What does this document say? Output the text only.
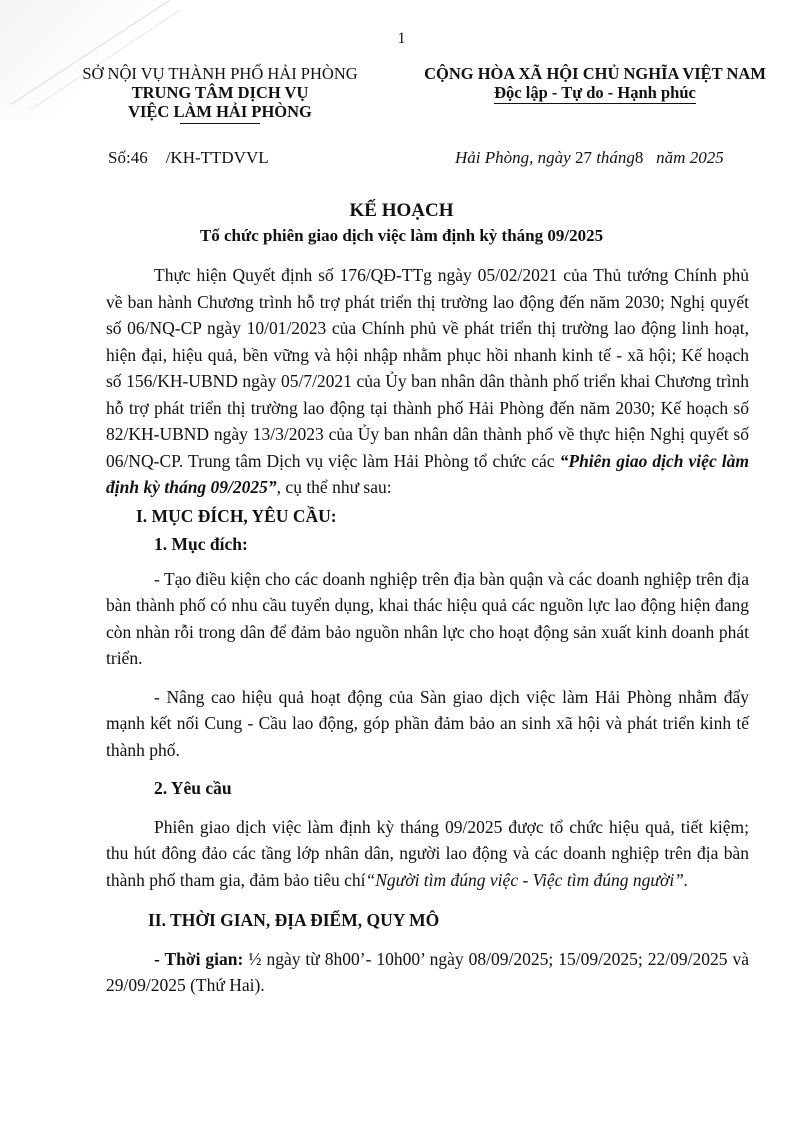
1
SỞ NỘI VỤ THÀNH PHỐ HẢI PHÒNG
TRUNG TÂM DỊCH VỤ
VIỆC LÀM HẢI PHÒNG
CỘNG HÒA XÃ HỘI CHỦ NGHĨA VIỆT NAM
Độc lập - Tự do - Hạnh phúc
Số:46 /KH-TTDVVL	Hải Phòng, ngày 27 tháng8 năm 2025
KẾ HOẠCH
Tổ chức phiên giao dịch việc làm định kỳ tháng 09/2025

Thực hiện Quyết định số 176/QĐ-TTg ngày 05/02/2021 của Thủ tướng Chính phủ về ban hành Chương trình hỗ trợ phát triển thị trường lao động đến năm 2030; Nghị quyết số 06/NQ-CP ngày 10/01/2023 của Chính phủ về phát triển thị trường lao động linh hoạt, hiện đại, hiệu quả, bền vững và hội nhập nhằm phục hồi nhanh kinh tế - xã hội; Kế hoạch số 156/KH-UBND ngày 05/7/2021 của Ủy ban nhân dân thành phố triển khai Chương trình hỗ trợ phát triển thị trường lao động tại thành phố Hải Phòng đến năm 2030; Kế hoạch số 82/KH-UBND ngày 13/3/2023 của Ủy ban nhân dân thành phố về thực hiện Nghị quyết số 06/NQ-CP. Trung tâm Dịch vụ việc làm Hải Phòng tổ chức các “Phiên giao dịch việc làm định kỳ tháng 09/2025”, cụ thể như sau:

I. MỤC ĐÍCH, YÊU CẦU:

1. Mục đích:

- Tạo điều kiện cho các doanh nghiệp trên địa bàn quận và các doanh nghiệp trên địa bàn thành phố có nhu cầu tuyển dụng, khai thác hiệu quả các nguồn lực lao động hiện đang còn nhàn rỗi trong dân để đảm bảo nguồn nhân lực cho hoạt động sản xuất kinh doanh phát triển.

- Nâng cao hiệu quả hoạt động của Sàn giao dịch việc làm Hải Phòng nhằm đẩy mạnh kết nối Cung - Cầu lao động, góp phần đảm bảo an sinh xã hội và phát triển kinh tế thành phố.

2. Yêu cầu

Phiên giao dịch việc làm định kỳ tháng 09/2025 được tổ chức hiệu quả, tiết kiệm; thu hút đông đảo các tầng lớp nhân dân, người lao động và các doanh nghiệp trên địa bàn thành phố tham gia, đảm bảo tiêu chí“Người tìm đúng việc - Việc tìm đúng người”.

II. THỜI GIAN, ĐỊA ĐIỂM, QUY MÔ

- Thời gian: ½ ngày từ 8h00’- 10h00’ ngày 08/09/2025; 15/09/2025; 22/09/2025 và 29/09/2025 (Thứ Hai).
